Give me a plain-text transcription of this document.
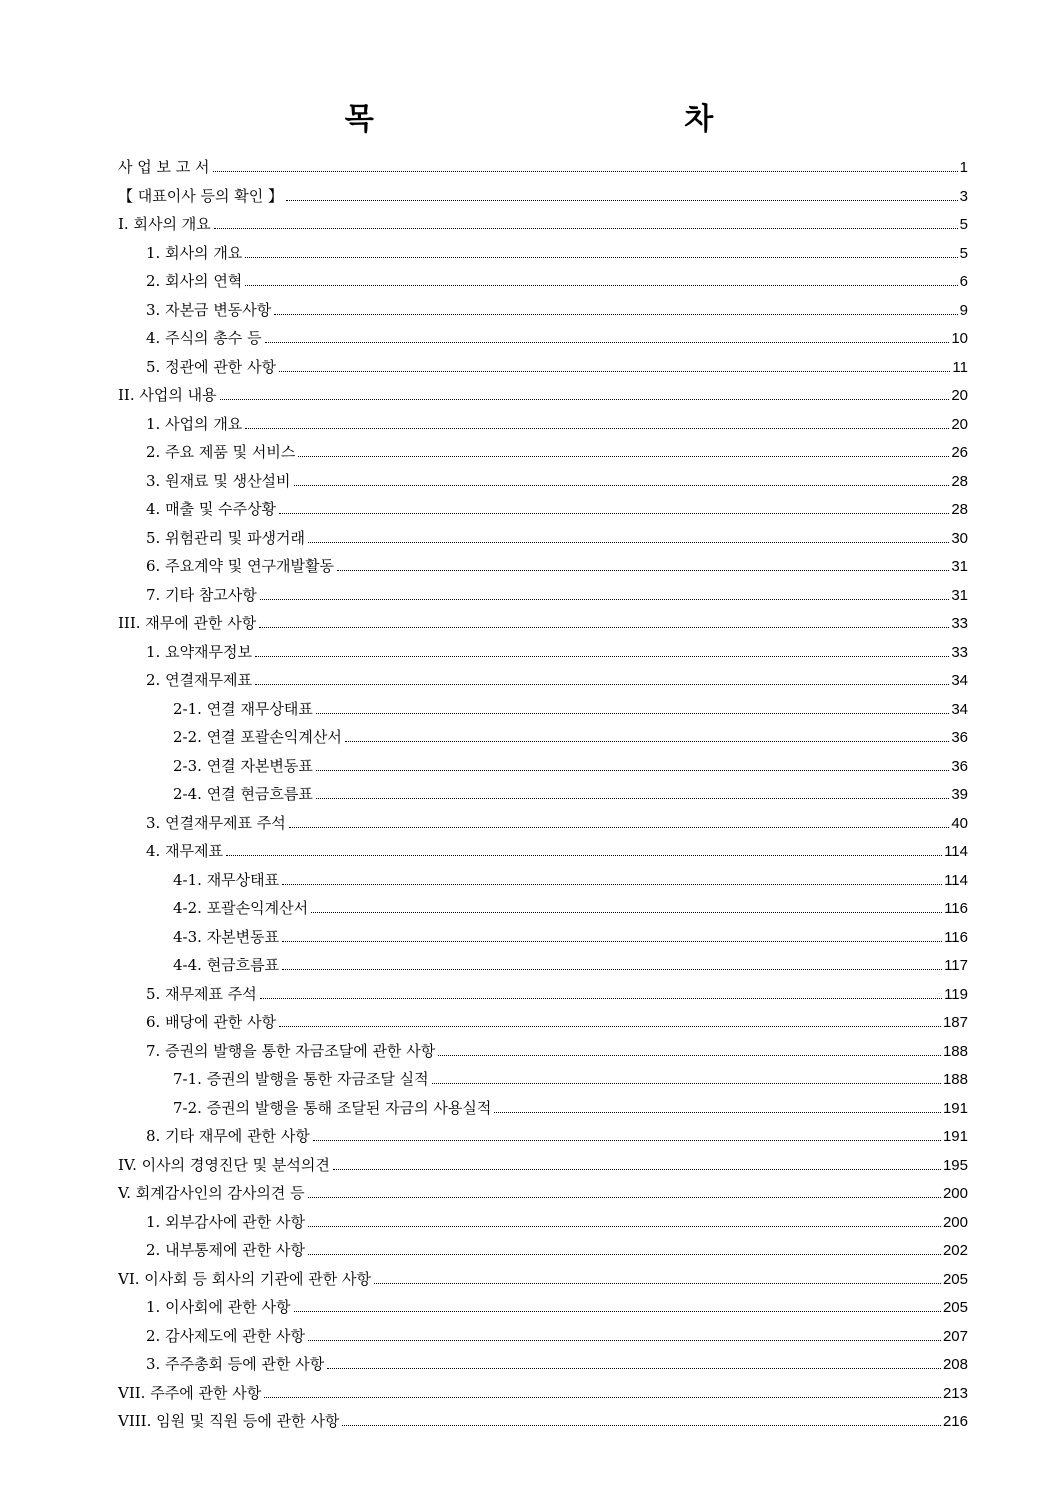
목 차
사 업 보 고 서	1
【 대표이사 등의 확인 】	3
I. 회사의 개요	5
1. 회사의 개요	5
2. 회사의 연혁	6
3. 자본금 변동사항	9
4. 주식의 총수 등	10
5. 정관에 관한 사항	11
II. 사업의 내용	20
1. 사업의 개요	20
2. 주요 제품 및 서비스	26
3. 원재료 및 생산설비	28
4. 매출 및 수주상황	28
5. 위험관리 및 파생거래	30
6. 주요계약 및 연구개발활동	31
7. 기타 참고사항	31
III. 재무에 관한 사항	33
1. 요약재무정보	33
2. 연결재무제표	34
2-1. 연결 재무상태표	34
2-2. 연결 포괄손익계산서	36
2-3. 연결 자본변동표	36
2-4. 연결 현금흐름표	39
3. 연결재무제표 주석	40
4. 재무제표	114
4-1. 재무상태표	114
4-2. 포괄손익계산서	116
4-3. 자본변동표	116
4-4. 현금흐름표	117
5. 재무제표 주석	119
6. 배당에 관한 사항	187
7. 증권의 발행을 통한 자금조달에 관한 사항	188
7-1. 증권의 발행을 통한 자금조달 실적	188
7-2. 증권의 발행을 통해 조달된 자금의 사용실적	191
8. 기타 재무에 관한 사항	191
IV. 이사의 경영진단 및 분석의견	195
V. 회계감사인의 감사의견 등	200
1. 외부감사에 관한 사항	200
2. 내부통제에 관한 사항	202
VI. 이사회 등 회사의 기관에 관한 사항	205
1. 이사회에 관한 사항	205
2. 감사제도에 관한 사항	207
3. 주주총회 등에 관한 사항	208
VII. 주주에 관한 사항	213
VIII. 임원 및 직원 등에 관한 사항	216
